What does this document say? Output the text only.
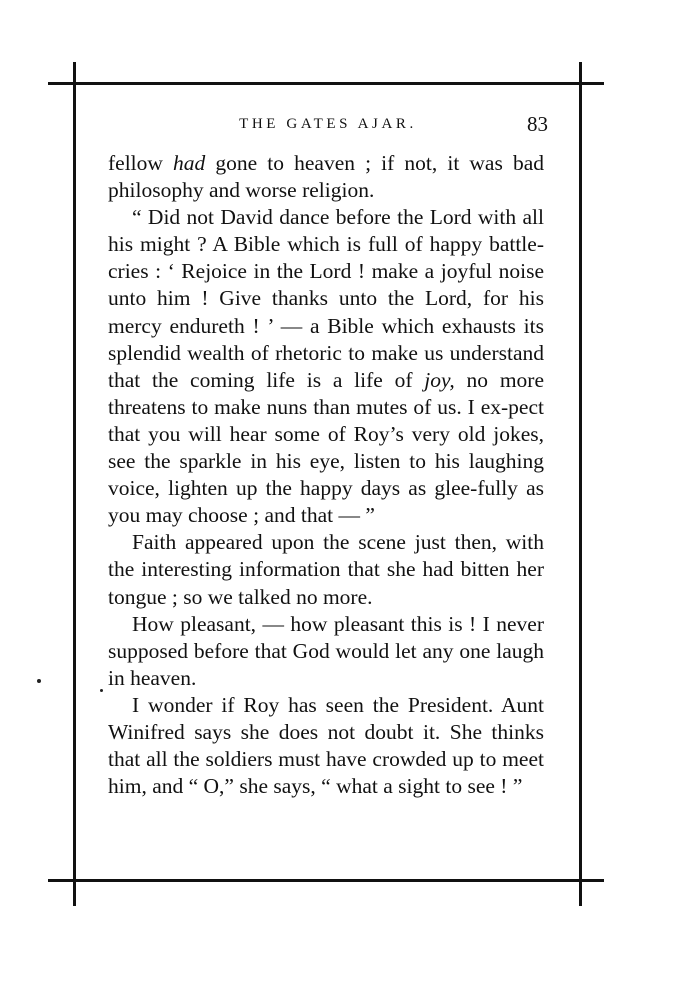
THE GATES AJAR.	83

fellow had gone to heaven ; if not, it was bad philosophy and worse religion.

“ Did not David dance before the Lord with all his might ? A Bible which is full of happy battle-cries : ‘ Rejoice in the Lord ! make a joyful noise unto him ! Give thanks unto the Lord, for his mercy endureth ! ’ — a Bible which exhausts its splendid wealth of rhetoric to make us understand that the coming life is a life of joy, no more threatens to make nuns than mutes of us. I ex-pect that you will hear some of Roy’s very old jokes, see the sparkle in his eye, listen to his laughing voice, lighten up the happy days as glee-fully as you may choose ; and that — ”

Faith appeared upon the scene just then, with the interesting information that she had bitten her tongue ; so we talked no more.

How pleasant, — how pleasant this is ! I never supposed before that God would let any one laugh in heaven.

I wonder if Roy has seen the President. Aunt Winifred says she does not doubt it. She thinks that all the soldiers must have crowded up to meet him, and “ O,” she says, “ what a sight to see ! ”
